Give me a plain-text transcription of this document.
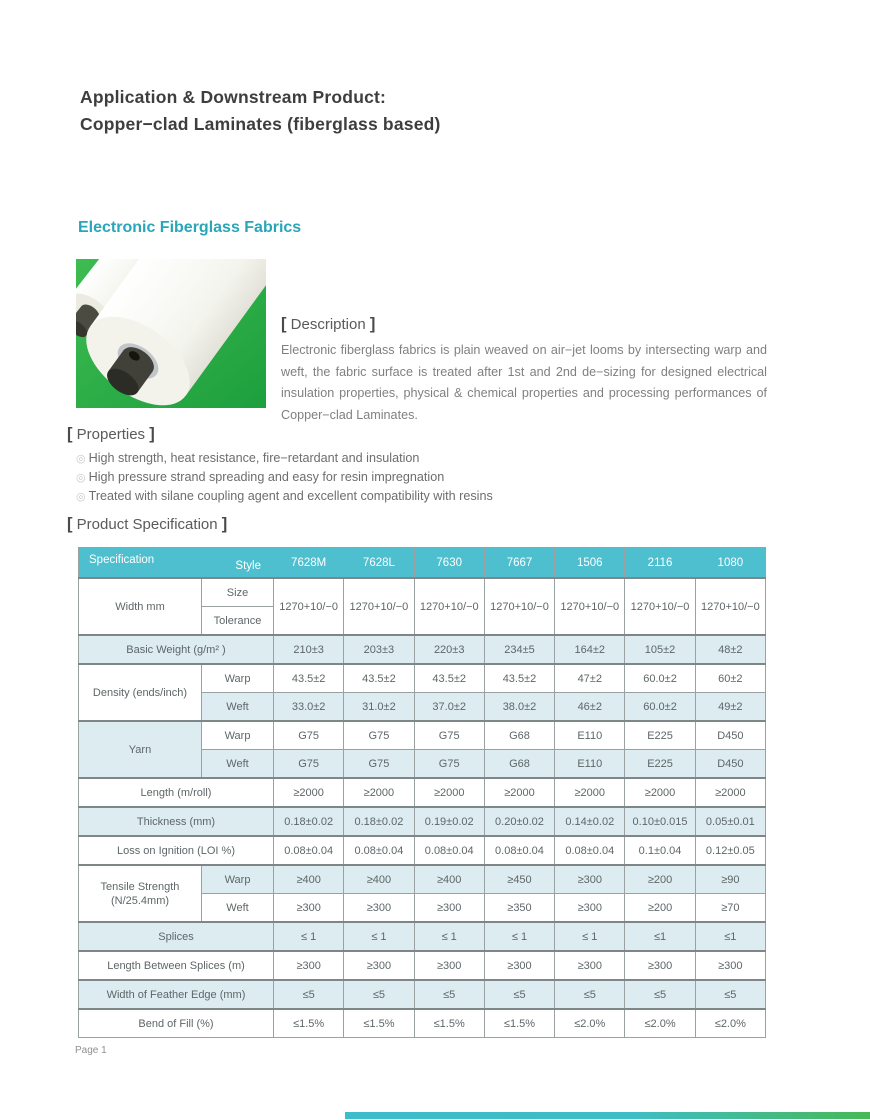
Application & Downstream Product:
Copper−clad Laminates (fiberglass based)
Electronic Fiberglass Fabrics
[ Description ]
Electronic fiberglass fabrics is plain weaved on air−jet looms by intersecting warp and weft, the fabric surface is treated after 1st and 2nd de−sizing for designed electrical insulation properties, physical & chemical properties and processing performances of Copper−clad Laminates.
[ Properties ]
◎ High strength, heat resistance, fire−retardant and insulation
◎ High pressure strand spreading and easy for resin impregnation
◎ Treated with silane coupling agent and excellent compatibility with resins
[ Product Specification ]
Specification Style		7628M	7628L	7630	7667	1506	2116	1080
Width mm	Size	1270+10/−0	1270+10/−0	1270+10/−0	1270+10/−0	1270+10/−0	1270+10/−0	1270+10/−0
	Tolerance							
Basic Weight (g/m² )		210±3	203±3	220±3	234±5	164±2	105±2	48±2
Density (ends/inch)	Warp	43.5±2	43.5±2	43.5±2	43.5±2	47±2	60.0±2	60±2
	Weft	33.0±2	31.0±2	37.0±2	38.0±2	46±2	60.0±2	49±2
Yarn	Warp	G75	G75	G75	G68	E110	E225	D450
	Weft	G75	G75	G75	G68	E110	E225	D450
Length (m/roll)		≥2000	≥2000	≥2000	≥2000	≥2000	≥2000	≥2000
Thickness (mm)		0.18±0.02	0.18±0.02	0.19±0.02	0.20±0.02	0.14±0.02	0.10±0.015	0.05±0.01
Loss on Ignition (LOI %)		0.08±0.04	0.08±0.04	0.08±0.04	0.08±0.04	0.08±0.04	0.1±0.04	0.12±0.05

Tensile Strength
(N/25.4mm)	Warp	≥400	≥400	≥400	≥450	≥300	≥200	≥90
	Weft	≥300	≥300	≥300	≥350	≥300	≥200	≥70
Splices		≤ 1	≤ 1	≤ 1	≤ 1	≤ 1	≤1	≤1
Length Between Splices (m)		≥300	≥300	≥300	≥300	≥300	≥300	≥300
Width of Feather Edge (mm)		≤5	≤5	≤5	≤5	≤5	≤5	≤5
Bend of Fill (%)		≤1.5%	≤1.5%	≤1.5%	≤1.5%	≤2.0%	≤2.0%	≤2.0%
Page 1
